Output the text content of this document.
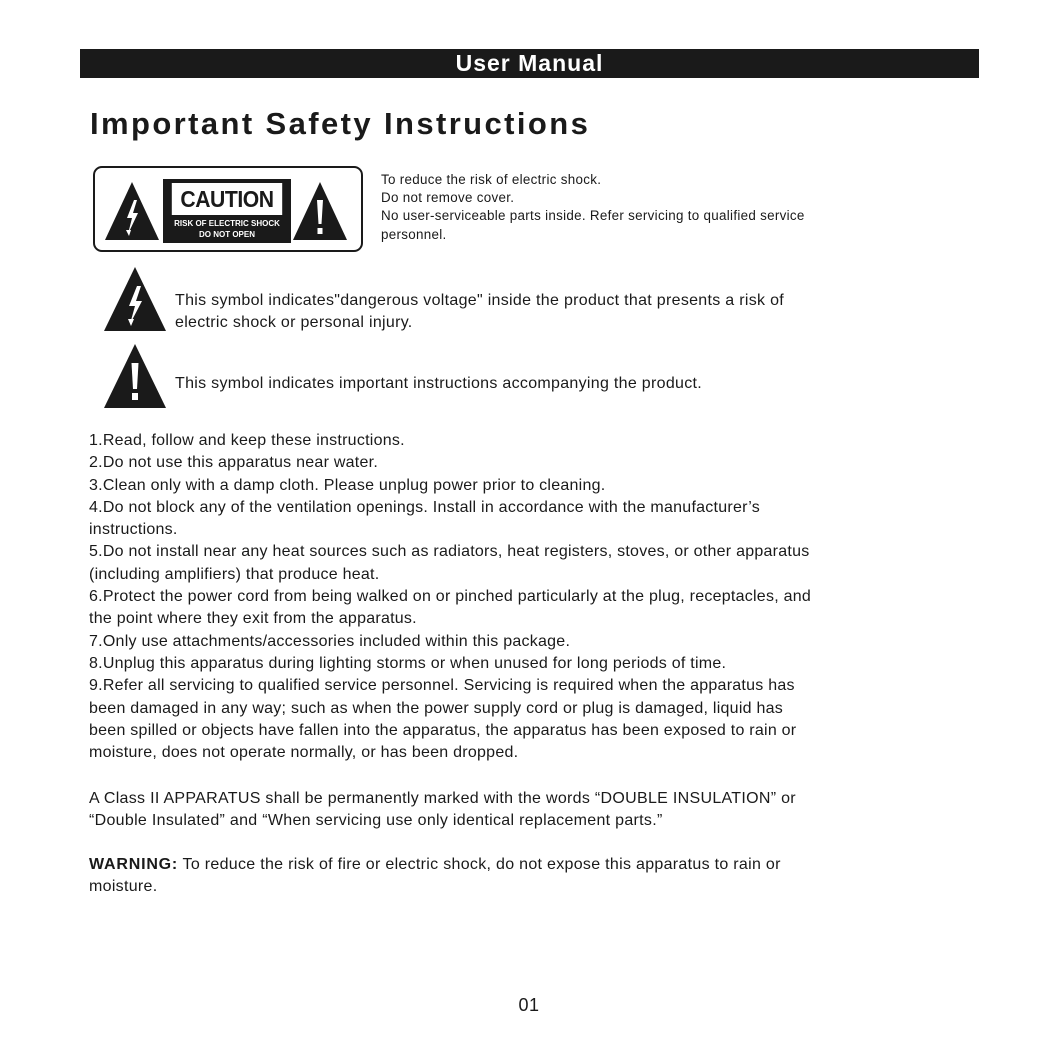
User Manual
Important Safety Instructions
CAUTION
RISK OF ELECTRIC SHOCK
DO NOT OPEN
To reduce the risk of electric shock.
Do not remove cover.
No user-serviceable parts inside. Refer servicing to qualified service
personnel.
This symbol indicates"dangerous voltage" inside the product that presents a risk of
electric shock or personal injury.
This symbol indicates important instructions accompanying the product.
1.Read, follow and keep these instructions.
2.Do not use this apparatus near water.
3.Clean only with a damp cloth. Please unplug power prior to cleaning.
4.Do not block any of the ventilation openings. Install in accordance with the manufacturer’s
instructions.
5.Do not install near any heat sources such as radiators, heat registers, stoves, or other apparatus
(including amplifiers) that produce heat.
6.Protect the power cord from being walked on or pinched particularly at the plug, receptacles, and
the point where they exit from the apparatus.
7.Only use attachments/accessories included within this package.
8.Unplug this apparatus during lighting storms or when unused for long periods of time.
9.Refer all servicing to qualified service personnel. Servicing is required when the apparatus has
been damaged in any way; such as when the power supply cord or plug is damaged, liquid has
been spilled or objects have fallen into the apparatus, the apparatus has been exposed to rain or
moisture, does not operate normally, or has been dropped.
A Class II APPARATUS shall be permanently marked with the words “DOUBLE INSULATION” or
“Double Insulated” and “When servicing use only identical replacement parts.”
WARNING: To reduce the risk of fire or electric shock, do not expose this apparatus to rain or
moisture.
01
